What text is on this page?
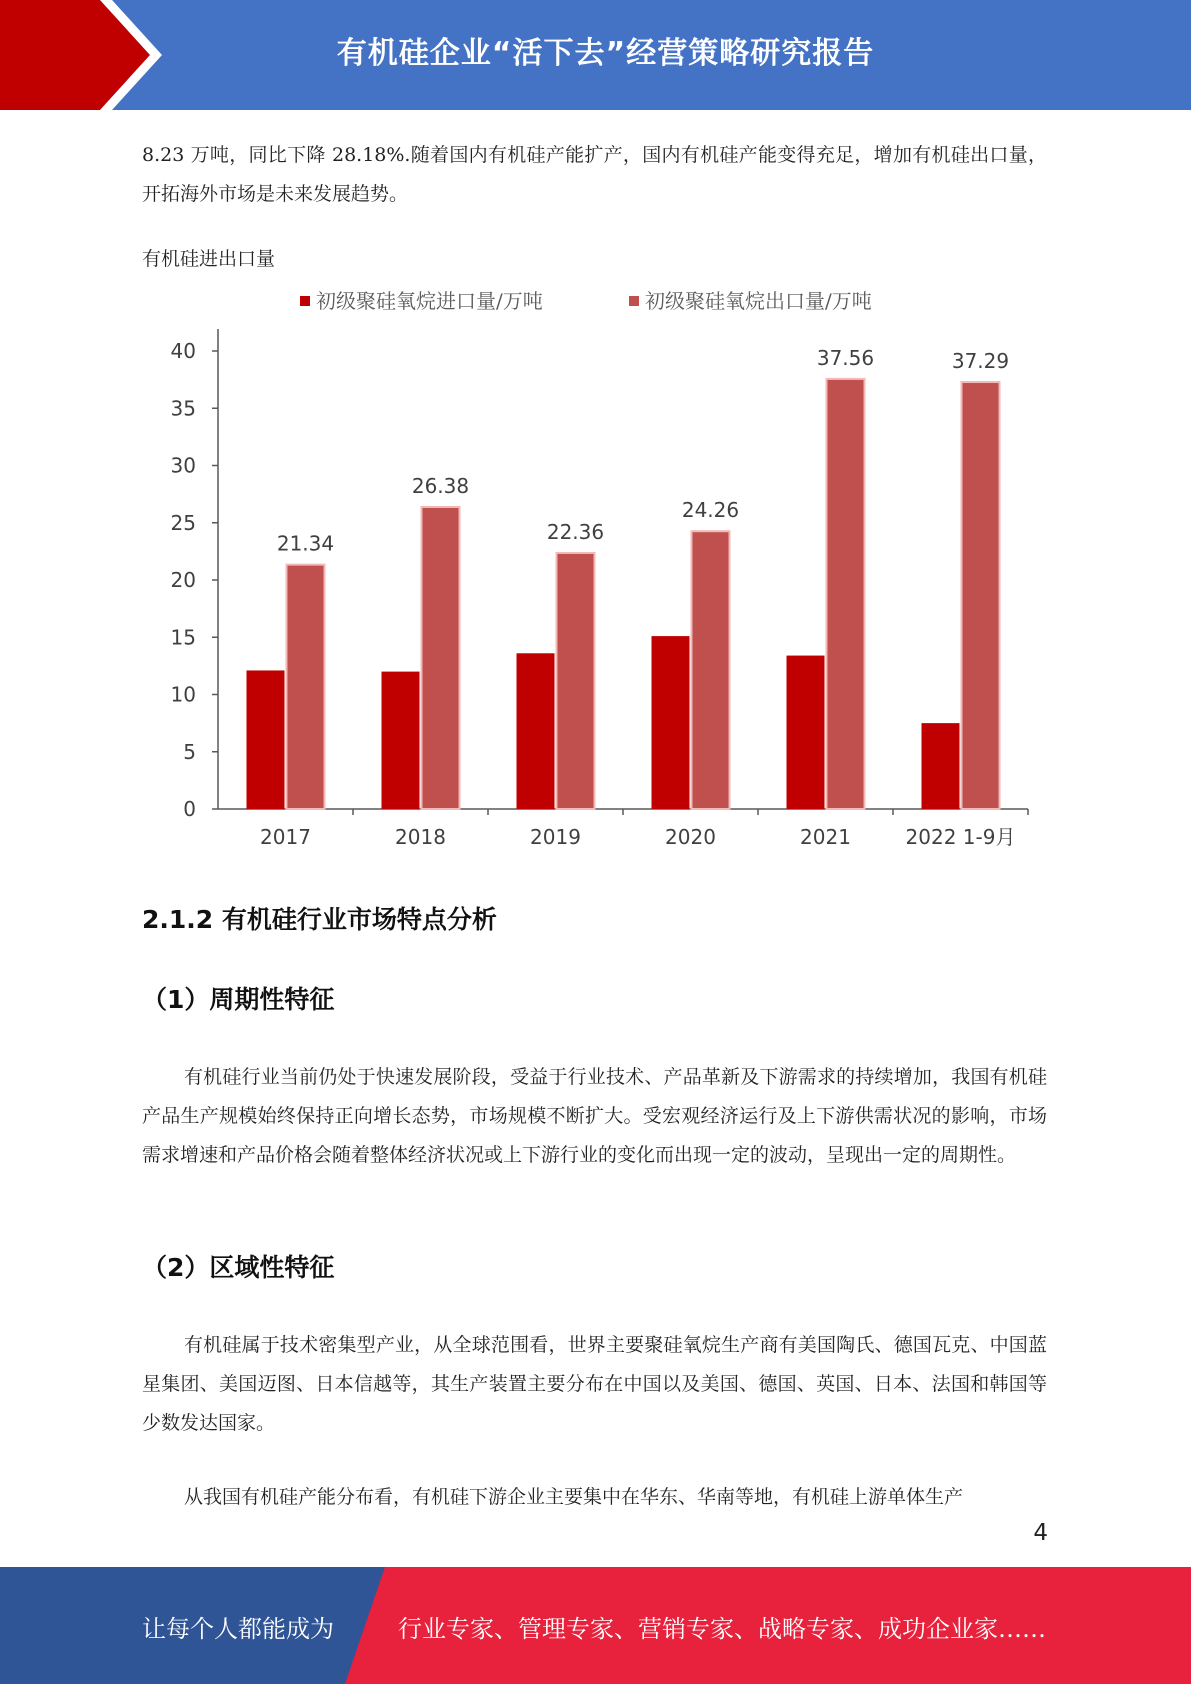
有机硅企业“活下去”经营策略研究报告

8.23 万吨，同比下降 28.18%.随着国内有机硅产能扩产，国内有机硅产能变得充足，增加有机硅出口量，开拓海外市场是未来发展趋势。

有机硅进出口量
初级聚硅氧烷进口量/万吨	初级聚硅氧烷出口量/万吨
0
5
10
15
20
25
30
35
40
21.34
2017
26.38
2018
22.36
2019
24.26
2020
37.56
2021
37.29
2022 1-9月
2.1.2 有机硅行业市场特点分析
（1）周期性特征

有机硅行业当前仍处于快速发展阶段，受益于行业技术、产品革新及下游需求的持续增加，我国有机硅产品生产规模始终保持正向增长态势，市场规模不断扩大。受宏观经济运行及上下游供需状况的影响，市场需求增速和产品价格会随着整体经济状况或上下游行业的变化而出现一定的波动，呈现出一定的周期性。

（2）区域性特征

有机硅属于技术密集型产业，从全球范围看，世界主要聚硅氧烷生产商有美国陶氏、德国瓦克、中国蓝星集团、美国迈图、日本信越等，其生产装置主要分布在中国以及美国、德国、英国、日本、法国和韩国等少数发达国家。

从我国有机硅产能分布看，有机硅下游企业主要集中在华东、华南等地，有机硅上游单体生产

4
让每个人都能成为	行业专家、管理专家、营销专家、战略专家、成功企业家……
